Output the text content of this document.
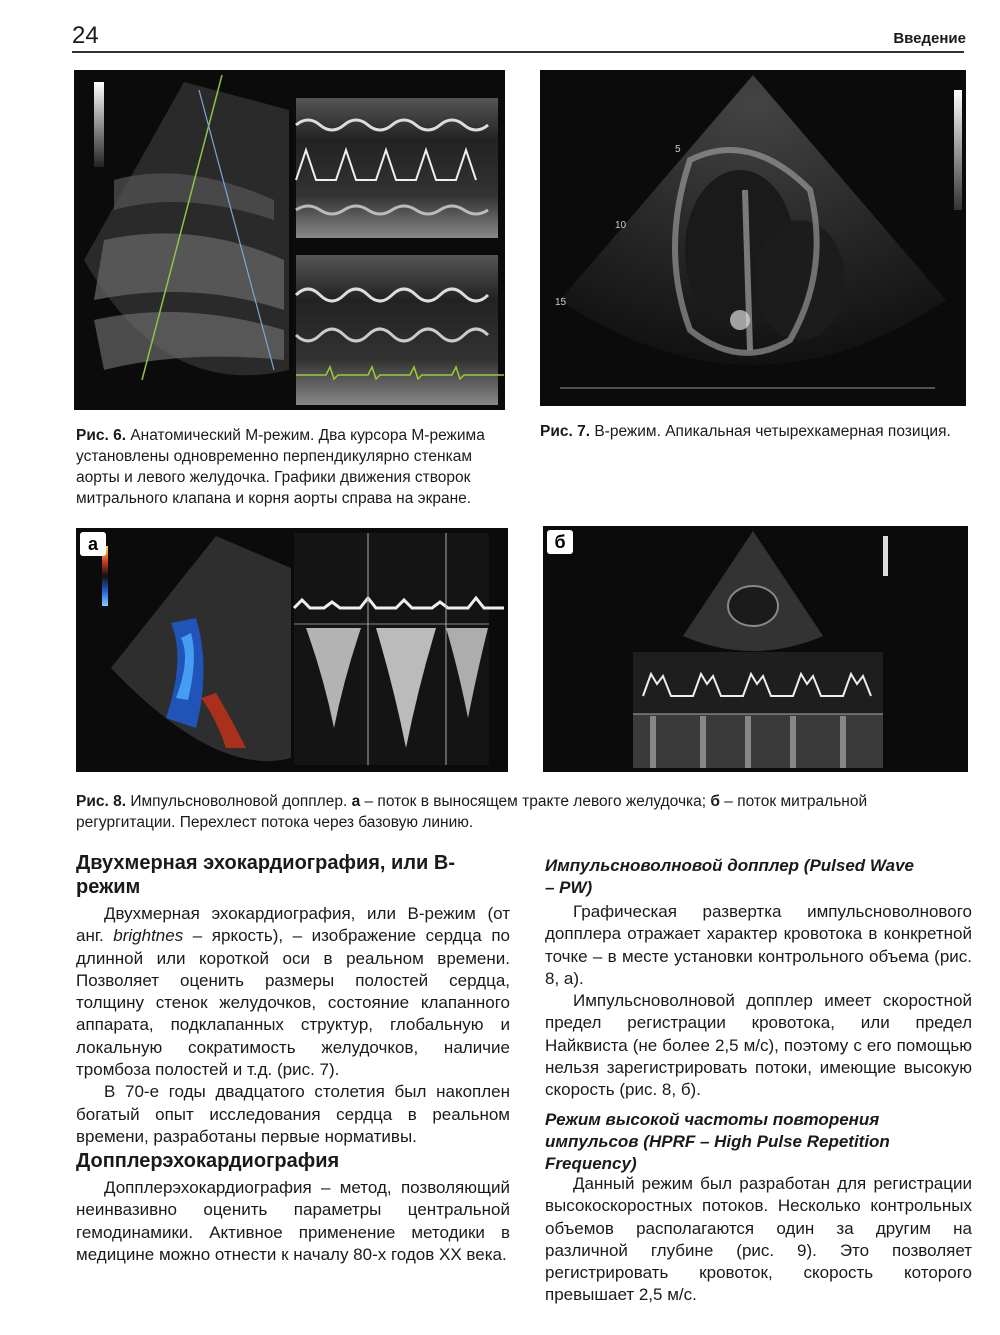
24	Введение
Рис. 6. Анатомический М-режим. Два курсора М-режима установлены одновременно перпендикулярно стенкам аорты и левого желудочка. Графики движения створок митрального клапана и корня аорты справа на экране.
5
10
15
Рис. 7. В-режим. Апикальная четырехкамерная позиция.
а	б
Рис. 8. Импульсноволновой допплер. а – поток в выносящем тракте левого желудочка; б – поток митральной регургитации. Перехлест потока через базовую линию.
Двухмерная эхокардиография, или В-режим

Двухмерная эхокардиография, или В-режим (от анг. brightnes – яркость), – изображение сердца по длинной или короткой оси в реальном времени. Позволяет оценить размеры полостей сердца, толщину стенок желудочков, состояние клапанного аппарата, подклапанных структур, глобальную и локальную сократимость желудочков, наличие тромбоза полостей и т.д. (рис. 7).

В 70-е годы двадцатого столетия был накоплен богатый опыт исследования сердца в реальном времени, разработаны первые нормативы.

Допплерэхокардиография

Допплерэхокардиография – метод, позволяющий неинвазивно оценить параметры центральной гемодинамики. Активное применение методики в медицине можно отнести к началу 80-х годов XX века.

Импульсноволновой допплер (Pulsed Wave – PW)

Графическая развертка импульсноволнового допплера отражает характер кровотока в конкретной точке – в месте установки контрольного объема (рис. 8, а).

Импульсноволновой допплер имеет скоростной предел регистрации кровотока, или предел Найквиста (не более 2,5 м/с), поэтому с его помощью нельзя зарегистрировать потоки, имеющие высокую скорость (рис. 8, б).

Режим высокой частоты повторения импульсов (HPRF – High Pulse Repetition Frequency)

Данный режим был разработан для регистрации высокоскоростных потоков. Несколько контрольных объемов располагаются один за другим на различной глубине (рис. 9). Это позволяет регистрировать кровоток, скорость которого превышает 2,5 м/с.
